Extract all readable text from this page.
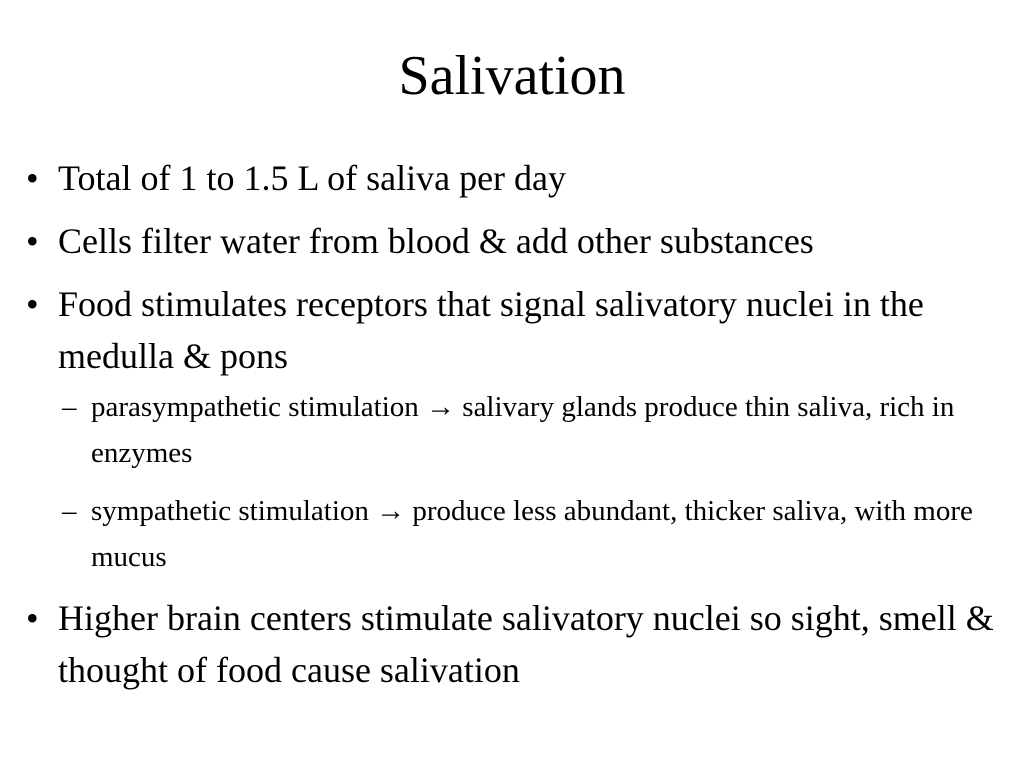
Salivation
• Total of 1 to 1.5 L of saliva per day
• Cells filter water from blood & add other substances
• Food stimulates receptors that signal salivatory nuclei in the medulla & pons
– parasympathetic stimulation → salivary glands produce thin saliva, rich in enzymes
– sympathetic stimulation → produce less abundant, thicker saliva, with more mucus
• Higher brain centers stimulate salivatory nuclei so sight, smell & thought of food cause salivation
